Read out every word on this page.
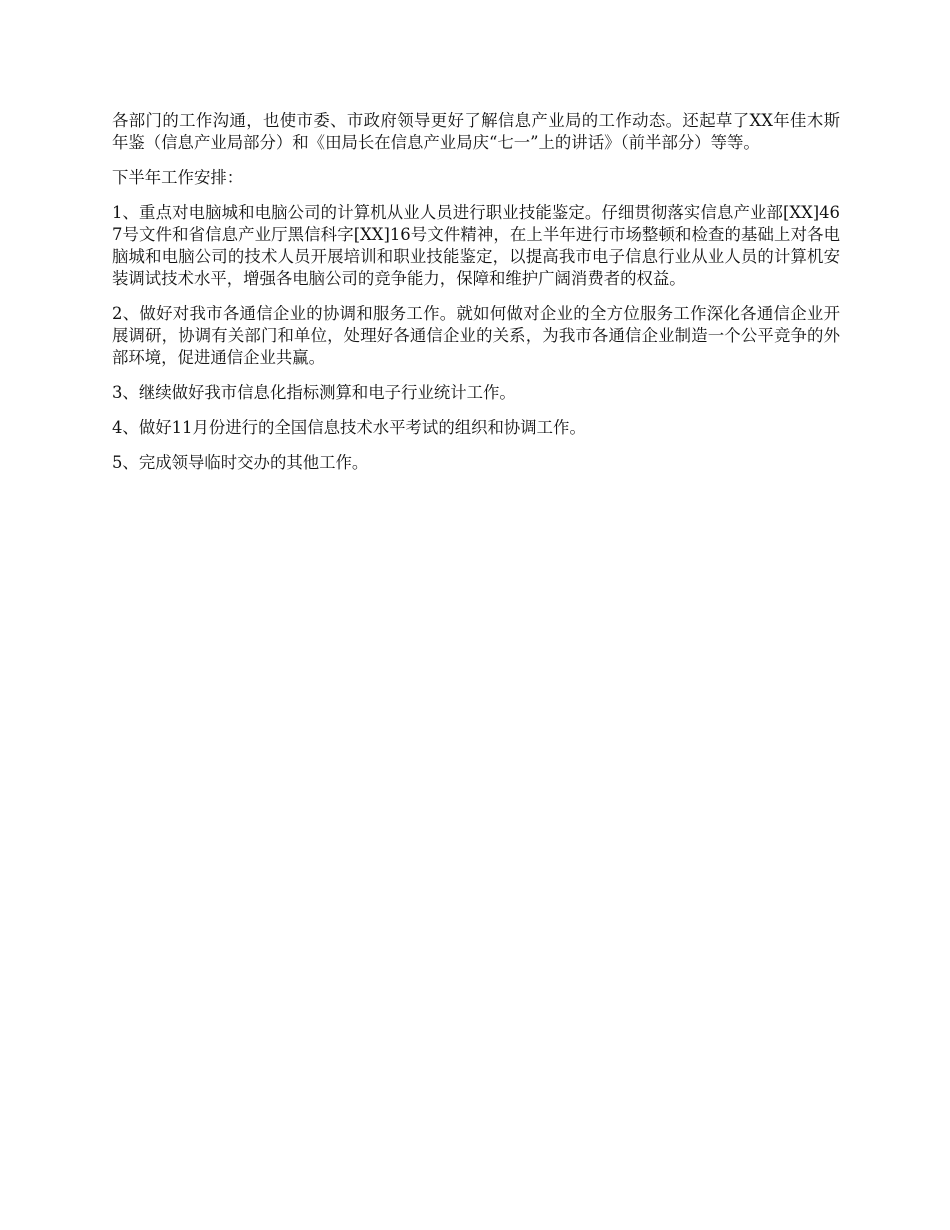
各部门的工作沟通，也使市委、市政府领导更好了解信息产业局的工作动态。还起草了XX年佳木斯年鉴（信息产业局部分）和《田局长在信息产业局庆“七一”上的讲话》（前半部分）等等。

下半年工作安排：

1、重点对电脑城和电脑公司的计算机从业人员进行职业技能鉴定。仔细贯彻落实信息产业部[XX]467号文件和省信息产业厅黑信科字[XX]16号文件精神，在上半年进行市场整顿和检查的基础上对各电脑城和电脑公司的技术人员开展培训和职业技能鉴定，以提高我市电子信息行业从业人员的计算机安装调试技术水平，增强各电脑公司的竞争能力，保障和维护广阔消费者的权益。

2、做好对我市各通信企业的协调和服务工作。就如何做对企业的全方位服务工作深化各通信企业开展调研，协调有关部门和单位，处理好各通信企业的关系，为我市各通信企业制造一个公平竞争的外部环境，促进通信企业共赢。

3、继续做好我市信息化指标测算和电子行业统计工作。

4、做好11月份进行的全国信息技术水平考试的组织和协调工作。

5、完成领导临时交办的其他工作。
